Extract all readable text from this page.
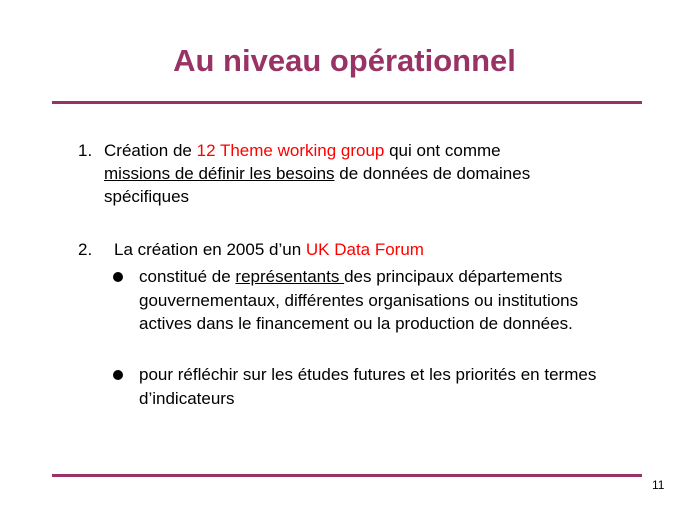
Au niveau opérationnel
1. Création de 12 Theme working group qui ont comme
missions de définir les besoins de données de domaines spécifiques
2. La création en 2005 d’un UK Data Forum
constitué de représentants des principaux départements gouvernementaux, différentes organisations ou institutions actives dans le financement ou la production de données.
pour réfléchir sur les études futures et les priorités en termes d’indicateurs
11
